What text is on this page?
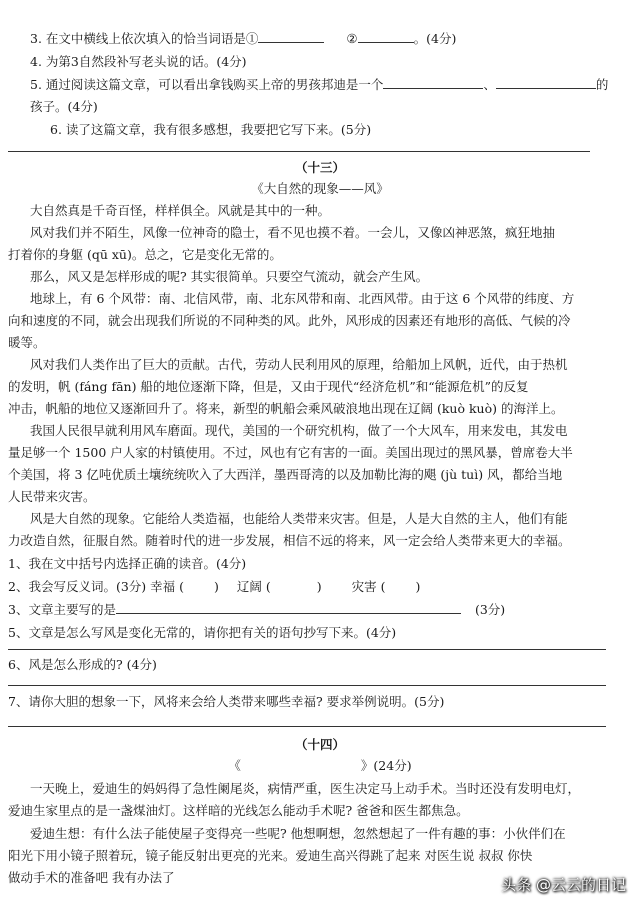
3. 在文中横线上依次填入的恰当词语是①	②	。(4分)
4. 为第3自然段补写老头说的话。(4分)
5. 通过阅读这篇文章，可以看出拿钱购买上帝的男孩邦迪是一个	、	的
孩子。(4分)
6. 读了这篇文章，我有很多感想，我要把它写下来。(5分)
（十三）
《大自然的现象——风》
大自然真是千奇百怪，样样俱全。风就是其中的一种。
风对我们并不陌生，风像一位神奇的隐士，看不见也摸不着。一会儿，又像凶神恶煞，疯狂地抽
打着你的身躯 (qū xū)。总之，它是变化无常的。
那么，风又是怎样形成的呢? 其实很简单。只要空气流动，就会产生风。
地球上，有 6 个风带：南、北信风带，南、北东风带和南、北西风带。由于这 6 个风带的纬度、方
向和速度的不同，就会出现我们所说的不同种类的风。此外，风形成的因素还有地形的高低、气候的冷
暖等。
风对我们人类作出了巨大的贡献。古代，劳动人民利用风的原理，给船加上风帆，近代，由于热机
的发明，帆 (fáng fān) 船的地位逐渐下降，但是，又由于现代“经济危机”和“能源危机”的反复
冲击，帆船的地位又逐渐回升了。将来，新型的帆船会乘风破浪地出现在辽阔 (kuò kuò) 的海洋上。
我国人民很早就利用风车磨面。现代，美国的一个研究机构，做了一个大风车，用来发电，其发电
量足够一个 1500 户人家的村镇使用。不过，风也有它有害的一面。美国出现过的黑风暴，曾席卷大半
个美国，将 3 亿吨优质土壤统统吹入了大西洋，墨西哥湾的以及加勒比海的飓 (jù tuì) 风，都给当地
人民带来灾害。
风是大自然的现象。它能给人类造福，也能给人类带来灾害。但是，人是大自然的主人，他们有能
力改造自然，征服自然。随着时代的进一步发展，相信不远的将来，风一定会给人类带来更大的幸福。
1、我在文中括号内选择正确的读音。(4分)
2、我会写反义词。(3分) 幸福 ( ) 辽阔 (	) 灾害 ( )
3、文章主要写的是	(3分)
5、文章是怎么写风是变化无常的，请你把有关的语句抄写下来。(4分)
6、风是怎么形成的? (4分)
7、请你大胆的想象一下，风将来会给人类带来哪些幸福? 要求举例说明。(5分)
（十四）
《	》(24分)
一天晚上，爱迪生的妈妈得了急性阑尾炎，病情严重，医生决定马上动手术。当时还没有发明电灯，
爱迪生家里点的是一盏煤油灯。这样暗的光线怎么能动手术呢? 爸爸和医生都焦急。
爱迪生想：有什么法子能使屋子变得亮一些呢? 他想啊想，忽然想起了一件有趣的事：小伙伴们在
阳光下用小镜子照着玩，镜子能反射出更亮的光来。爱迪生高兴得跳了起来 对医生说 叔叔 你快
做动手术的准备吧 我有办法了	头条 @云云的日记
